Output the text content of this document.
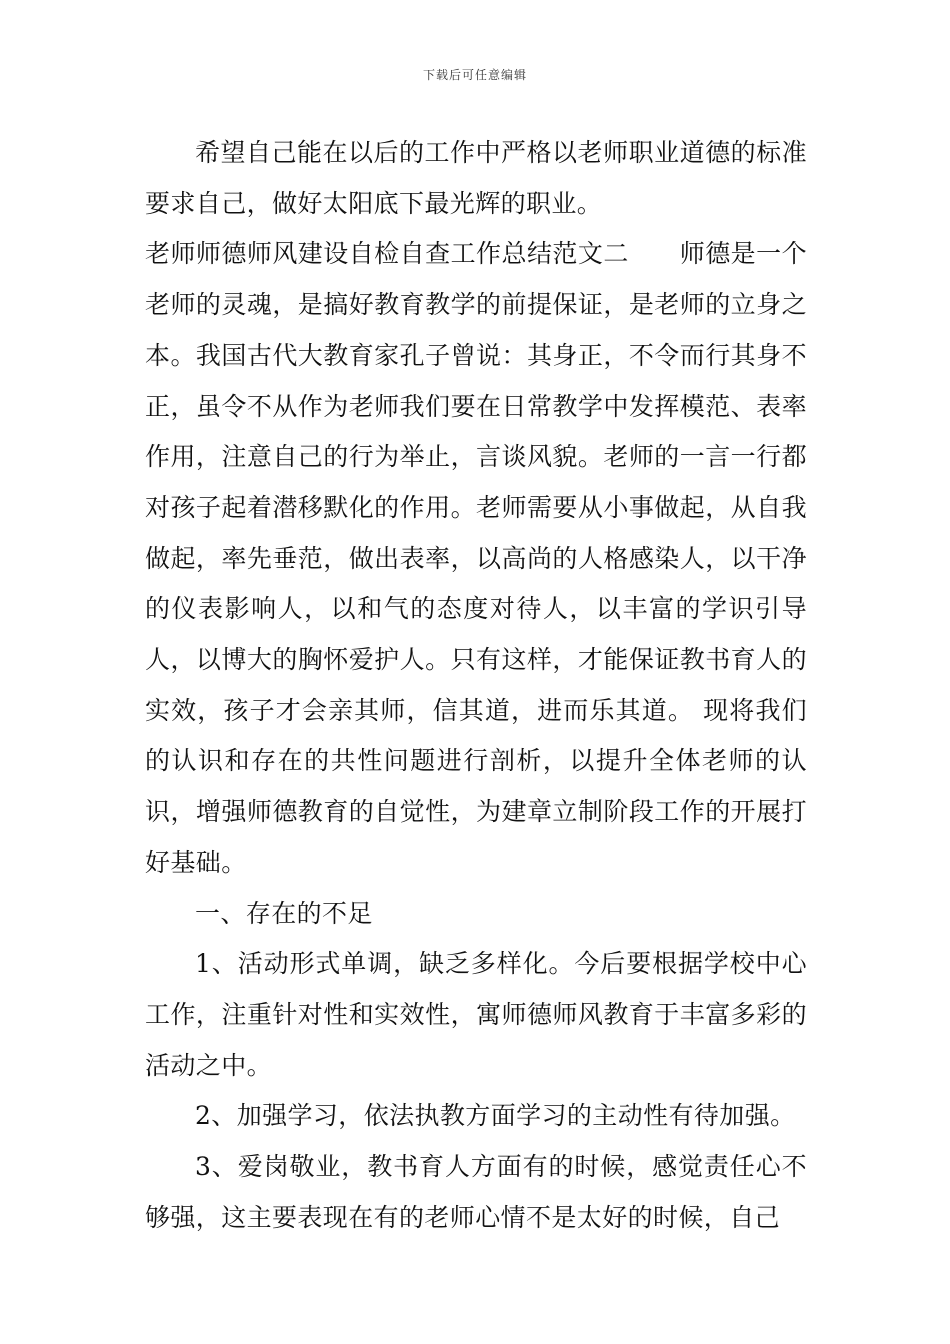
下载后可任意编辑

希望自己能在以后的工作中严格以老师职业道德的标准要求自己，做好太阳底下最光辉的职业。

老师师德师风建设自检自查工作总结范文二　　师德是一个老师的灵魂，是搞好教育教学的前提保证，是老师的立身之本。我国古代大教育家孔子曾说：其身正，不令而行其身不正，虽令不从作为老师我们要在日常教学中发挥模范、表率作用，注意自己的行为举止，言谈风貌。老师的一言一行都对孩子起着潜移默化的作用。老师需要从小事做起，从自我做起，率先垂范，做出表率，以高尚的人格感染人，以干净的仪表影响人，以和气的态度对待人，以丰富的学识引导人，以博大的胸怀爱护人。只有这样，才能保证教书育人的实效，孩子才会亲其师，信其道，进而乐其道。 现将我们的认识和存在的共性问题进行剖析，以提升全体老师的认识，增强师德教育的自觉性，为建章立制阶段工作的开展打好基础。

一、存在的不足

1、活动形式单调，缺乏多样化。今后要根据学校中心工作，注重针对性和实效性，寓师德师风教育于丰富多彩的活动之中。

2、加强学习，依法执教方面学习的主动性有待加强。

3、爱岗敬业，教书育人方面有的时候，感觉责任心不够强，这主要表现在有的老师心情不是太好的时候，自己
